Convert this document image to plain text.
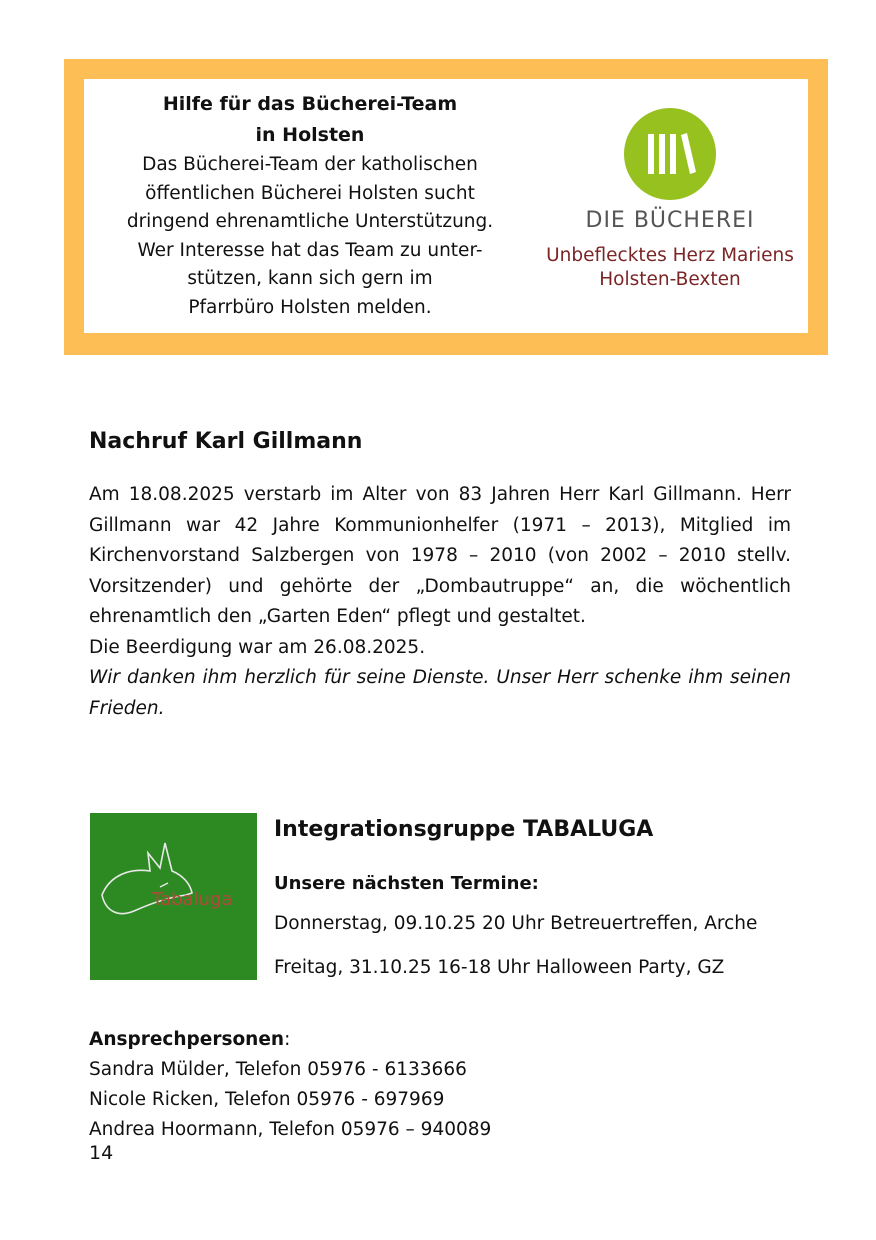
Hilfe für das Bücherei-Team

in Holsten

Das Bücherei-Team der katholischen

öffentlichen Bücherei Holsten sucht

dringend ehrenamtliche Unterstützung.

Wer Interesse hat das Team zu unter-

stützen, kann sich gern im

Pfarrbüro Holsten melden.

DIE BÜCHEREI
Unbeflecktes Herz Mariens
Holsten-Bexten
Nachruf Karl Gillmann

Am 18.08.2025 verstarb im Alter von 83 Jahren Herr Karl Gillmann. Herr Gillmann war 42 Jahre Kommunionhelfer (1971 – 2013), Mitglied im Kirchenvorstand Salzbergen von 1978 – 2010 (von 2002 – 2010 stellv. Vorsitzender) und gehörte der „Dombautruppe“ an, die wöchentlich ehrenamtlich den „Garten Eden“ pflegt und gestaltet.

Die Beerdigung war am 26.08.2025.

Wir danken ihm herzlich für seine Dienste. Unser Herr schenke ihm seinen Frieden.

Tabaluga
Integrationsgruppe TABALUGA

Unsere nächsten Termine:

Donnerstag, 09.10.25 20 Uhr Betreuertreffen, Arche

Freitag, 31.10.25 16-18 Uhr Halloween Party, GZ

Ansprechpersonen:

Sandra Mülder, Telefon 05976 - 6133666

Nicole Ricken, Telefon 05976 - 697969

Andrea Hoormann, Telefon 05976 – 940089

14
